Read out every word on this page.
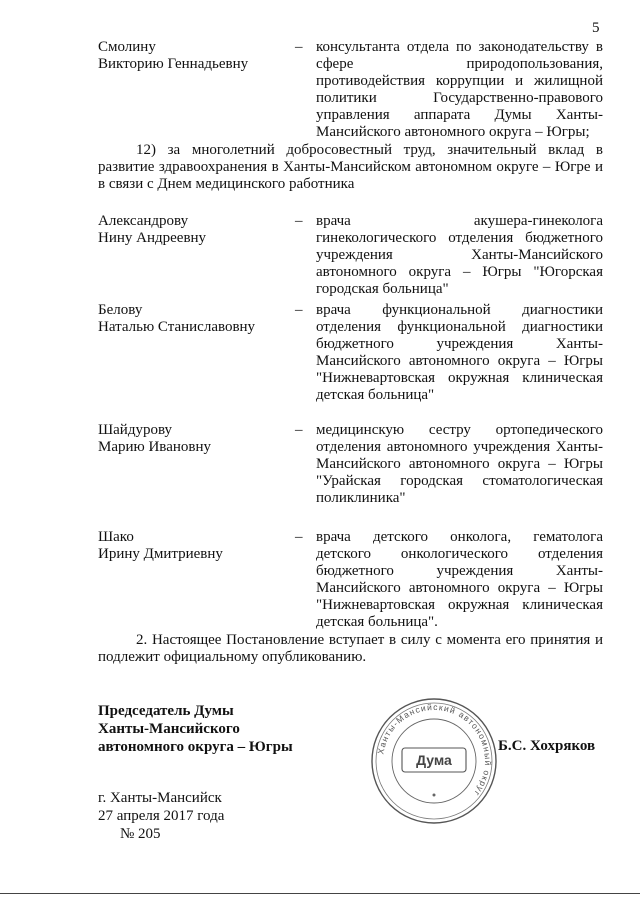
5
Смолину
Викторию Геннадьевну
– консультанта отдела по законодательству в сфере природопользования, противодействия коррупции и жилищной политики Государственно-правового управления аппарата Думы Ханты-Мансийского автономного округа – Югры;
12) за многолетний добросовестный труд, значительный вклад в развитие здравоохранения в Ханты-Мансийском автономном округе – Югре и в связи с Днем медицинского работника
Александрову
Нину Андреевну
– врача акушера-гинеколога гинекологического отделения бюджетного учреждения Ханты-Мансийского автономного округа – Югры "Югорская городская больница"
Белову
Наталью Станиславовну
– врача функциональной диагностики отделения функциональной диагностики бюджетного учреждения Ханты-Мансийского автономного округа – Югры "Нижневартовская окружная клиническая детская больница"
Шайдурову
Марию Ивановну
– медицинскую сестру ортопедического отделения автономного учреждения Ханты-Мансийского автономного округа – Югры "Урайская городская стоматологическая поликлиника"
Шако
Ирину Дмитриевну
– врача детского онколога, гематолога детского онкологического отделения бюджетного учреждения Ханты-Мансийского автономного округа – Югры "Нижневартовская окружная клиническая детская больница".
2. Настоящее Постановление вступает в силу с момента его принятия и подлежит официальному опубликованию.
Председатель Думы
Ханты-Мансийского
автономного округа – Югры	Ханты-Мансийский автономный округ
Дума
Б.С. Хохряков
г. Ханты-Мансийск
27 апреля 2017 года
№ 205
